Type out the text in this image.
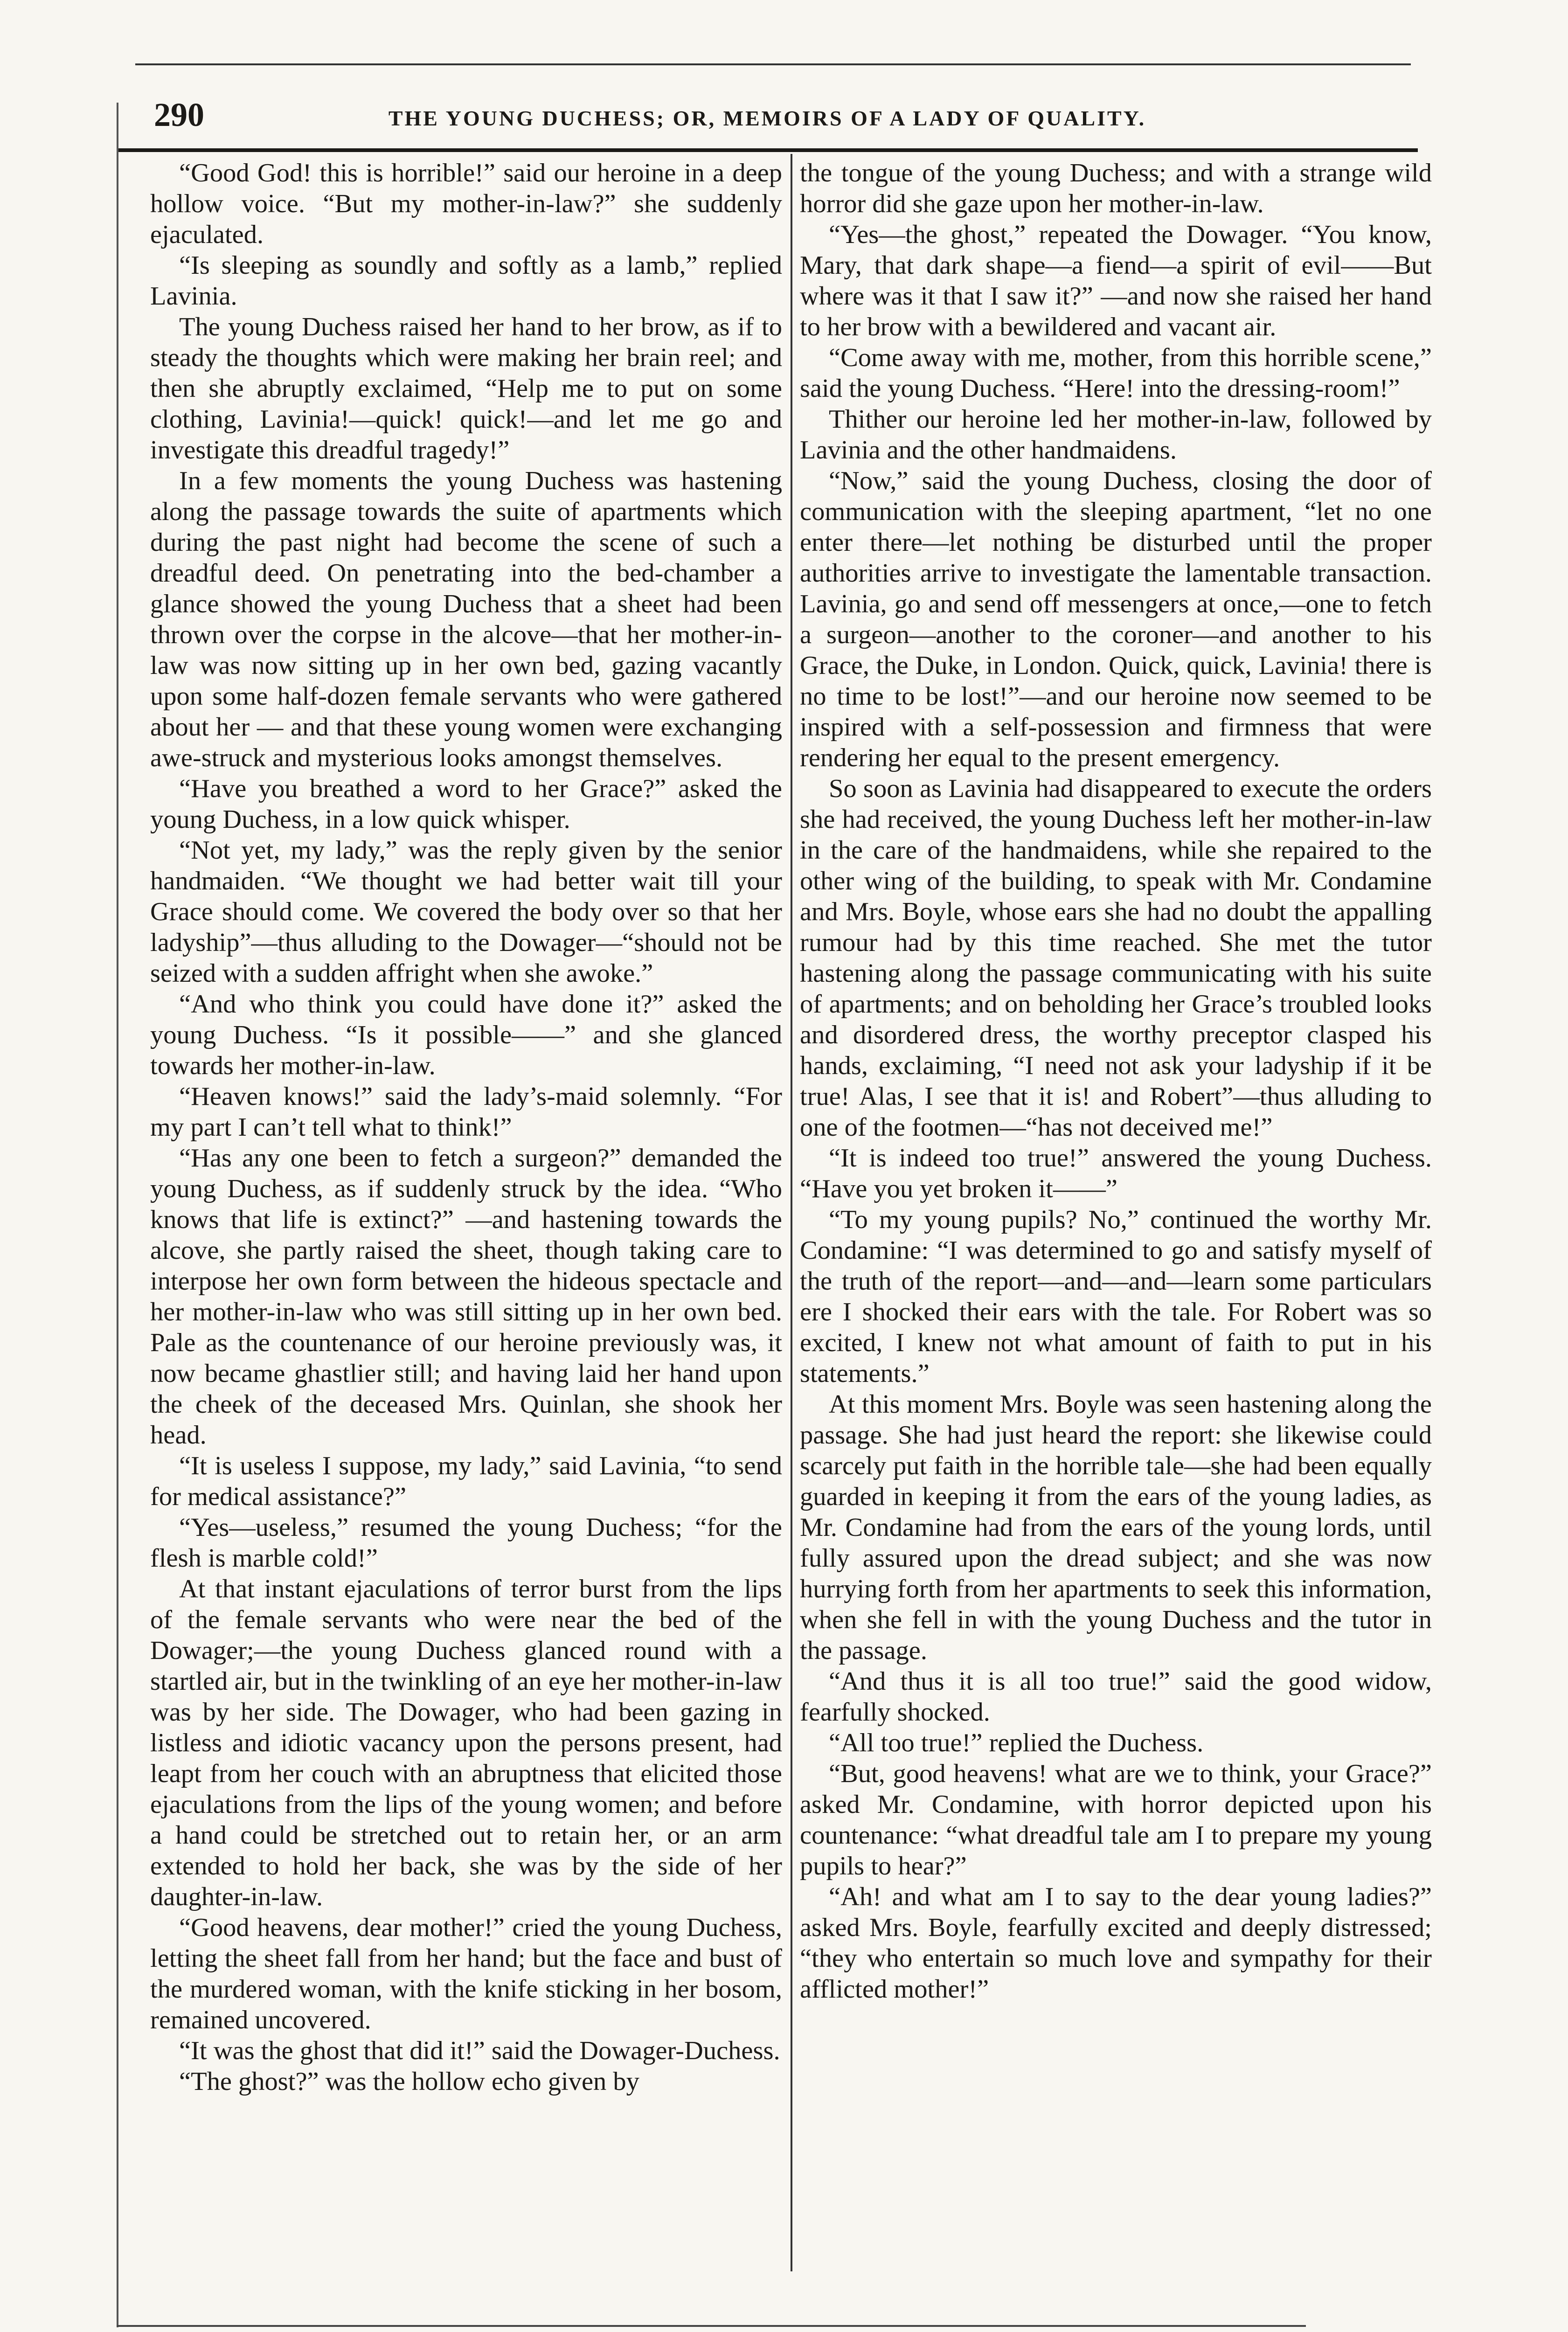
290	THE YOUNG DUCHESS; OR, MEMOIRS OF A LADY OF QUALITY.

“Good God! this is horrible!” said our heroine in a deep hollow voice. “But my mother-in-law?” she suddenly ejaculated.

“Is sleeping as soundly and softly as a lamb,” replied Lavinia.

The young Duchess raised her hand to her brow, as if to steady the thoughts which were making her brain reel; and then she abruptly exclaimed, “Help me to put on some clothing, Lavinia!—quick! quick!—and let me go and investigate this dreadful tragedy!”

In a few moments the young Duchess was hastening along the passage towards the suite of apartments which during the past night had become the scene of such a dreadful deed. On penetrating into the bed-chamber a glance showed the young Duchess that a sheet had been thrown over the corpse in the alcove—that her mother-in-law was now sitting up in her own bed, gazing vacantly upon some half-dozen female servants who were gathered about her — and that these young women were exchanging awe-struck and mysterious looks amongst themselves.

“Have you breathed a word to her Grace?” asked the young Duchess, in a low quick whisper.

“Not yet, my lady,” was the reply given by the senior handmaiden. “We thought we had better wait till your Grace should come. We covered the body over so that her ladyship”—thus alluding to the Dowager—“should not be seized with a sudden affright when she awoke.”

“And who think you could have done it?” asked the young Duchess. “Is it possible——” and she glanced towards her mother-in-law.

“Heaven knows!” said the lady’s-maid solemnly. “For my part I can’t tell what to think!”

“Has any one been to fetch a surgeon?” demanded the young Duchess, as if suddenly struck by the idea. “Who knows that life is extinct?” —and hastening towards the alcove, she partly raised the sheet, though taking care to interpose her own form between the hideous spectacle and her mother-in-law who was still sitting up in her own bed. Pale as the countenance of our heroine previously was, it now became ghastlier still; and having laid her hand upon the cheek of the deceased Mrs. Quinlan, she shook her head.

“It is useless I suppose, my lady,” said Lavinia, “to send for medical assistance?”

“Yes—useless,” resumed the young Duchess; “for the flesh is marble cold!”

At that instant ejaculations of terror burst from the lips of the female servants who were near the bed of the Dowager;—the young Duchess glanced round with a startled air, but in the twinkling of an eye her mother-in-law was by her side. The Dowager, who had been gazing in listless and idiotic vacancy upon the persons present, had leapt from her couch with an abruptness that elicited those ejaculations from the lips of the young women; and before a hand could be stretched out to retain her, or an arm extended to hold her back, she was by the side of her daughter-in-law.

“Good heavens, dear mother!” cried the young Duchess, letting the sheet fall from her hand; but the face and bust of the murdered woman, with the knife sticking in her bosom, remained uncovered.

“It was the ghost that did it!” said the Dowager-Duchess.

“The ghost?” was the hollow echo given by

the tongue of the young Duchess; and with a strange wild horror did she gaze upon her mother-in-law.

“Yes—the ghost,” repeated the Dowager. “You know, Mary, that dark shape—a fiend—a spirit of evil——But where was it that I saw it?” —and now she raised her hand to her brow with a bewildered and vacant air.

“Come away with me, mother, from this horrible scene,” said the young Duchess. “Here! into the dressing-room!”

Thither our heroine led her mother-in-law, followed by Lavinia and the other handmaidens.

“Now,” said the young Duchess, closing the door of communication with the sleeping apartment, “let no one enter there—let nothing be disturbed until the proper authorities arrive to investigate the lamentable transaction. Lavinia, go and send off messengers at once,—one to fetch a surgeon—another to the coroner—and another to his Grace, the Duke, in London. Quick, quick, Lavinia! there is no time to be lost!”—and our heroine now seemed to be inspired with a self-possession and firmness that were rendering her equal to the present emergency.

So soon as Lavinia had disappeared to execute the orders she had received, the young Duchess left her mother-in-law in the care of the handmaidens, while she repaired to the other wing of the building, to speak with Mr. Condamine and Mrs. Boyle, whose ears she had no doubt the appalling rumour had by this time reached. She met the tutor hastening along the passage communicating with his suite of apartments; and on beholding her Grace’s troubled looks and disordered dress, the worthy preceptor clasped his hands, exclaiming, “I need not ask your ladyship if it be true! Alas, I see that it is! and Robert”—thus alluding to one of the footmen—“has not deceived me!”

“It is indeed too true!” answered the young Duchess. “Have you yet broken it——”

“To my young pupils? No,” continued the worthy Mr. Condamine: “I was determined to go and satisfy myself of the truth of the report—and—and—learn some particulars ere I shocked their ears with the tale. For Robert was so excited, I knew not what amount of faith to put in his statements.”

At this moment Mrs. Boyle was seen hastening along the passage. She had just heard the report: she likewise could scarcely put faith in the horrible tale—she had been equally guarded in keeping it from the ears of the young ladies, as Mr. Condamine had from the ears of the young lords, until fully assured upon the dread subject; and she was now hurrying forth from her apartments to seek this information, when she fell in with the young Duchess and the tutor in the passage.

“And thus it is all too true!” said the good widow, fearfully shocked.

“All too true!” replied the Duchess.

“But, good heavens! what are we to think, your Grace?” asked Mr. Condamine, with horror depicted upon his countenance: “what dreadful tale am I to prepare my young pupils to hear?”

“Ah! and what am I to say to the dear young ladies?” asked Mrs. Boyle, fearfully excited and deeply distressed; “they who entertain so much love and sympathy for their afflicted mother!”
